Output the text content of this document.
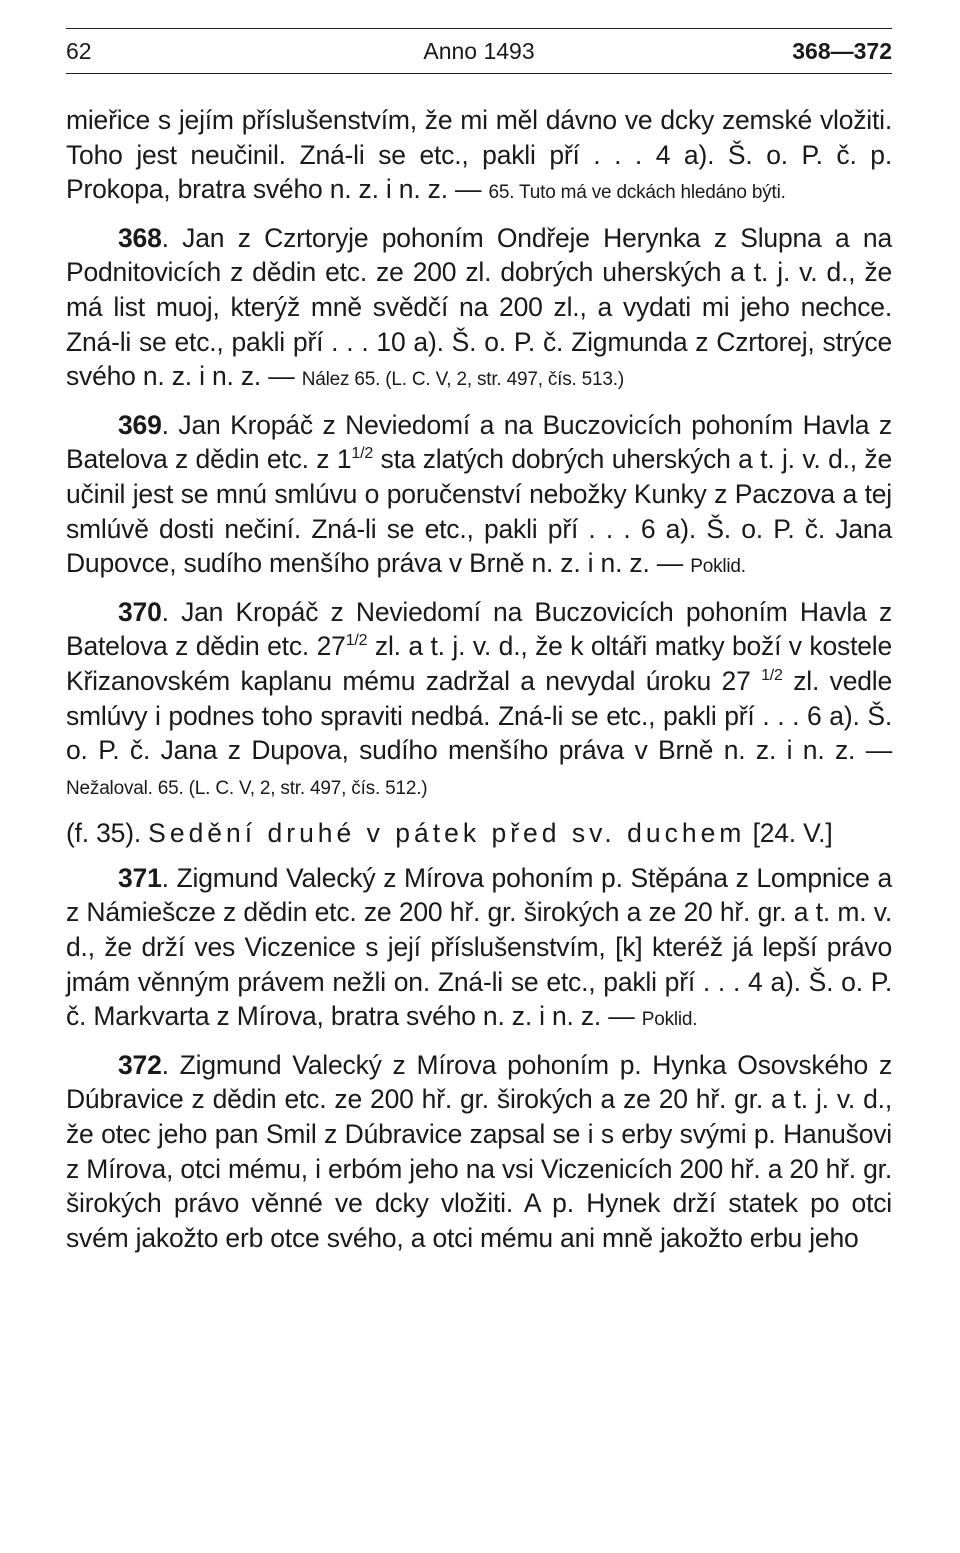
62	Anno 1493	368—372

mieřice s jejím příslušenstvím, že mi měl dávno ve dcky zemské vložiti. Toho jest neučinil. Zná-li se etc., pakli pří . . . 4 a). Š. o. P. č. p. Prokopa, bratra svého n. z. i n. z. — 65. Tuto má ve dckách hledáno býti.

368. Jan z Czrtoryje pohoním Ondřeje Herynka z Slupna a na Podnitovicích z dědin etc. ze 200 zl. dobrých uherských a t. j. v. d., že má list muoj, kterýž mně svědčí na 200 zl., a vydati mi jeho nechce. Zná-li se etc., pakli pří . . . 10 a). Š. o. P. č. Zigmunda z Czrtorej, strýce svého n. z. i n. z. — Nález 65. (L. C. V, 2, str. 497, čís. 513.)

369. Jan Kropáč z Neviedomí a na Buczovicích pohoním Havla z Batelova z dědin etc. z $1^{1/2}$ sta zlatých dobrých uherských a t. j. v. d., že učinil jest se mnú smlúvu o poručenství nebožky Kunky z Paczova a tej smlúvě dosti nečiní. Zná-li se etc., pakli pří . . . 6 a). Š. o. P. č. Jana Dupovce, sudího menšího práva v Brně n. z. i n. z. — Poklid.

370. Jan Kropáč z Neviedomí na Buczovicích pohoním Havla z Batelova z dědin etc. $27^{1/2}$ zl. a t. j. v. d., že k oltáři matky boží v kostele Křizanovském kaplanu mému zadržal a nevydal úroku 27 $^{1/2}$ zl. vedle smlúvy i podnes toho spraviti nedbá. Zná-li se etc., pakli pří . . . 6 a). Š. o. P. č. Jana z Dupova, sudího menšího práva v Brně n. z. i n. z. — Nežaloval. 65. (L. C. V, 2, str. 497, čís. 512.)

(f. 35). Sedění druhé v pátek před sv. duchem [24. V.]

371. Zigmund Valecký z Mírova pohoním p. Stěpána z Lompnice a z Námiešcze z dědin etc. ze 200 hř. gr. širokých a ze 20 hř. gr. a t. m. v. d., že drží ves Viczenice s její příslušenstvím, [k] kteréž já lepší právo jmám věnným právem nežli on. Zná-li se etc., pakli pří . . . 4 a). Š. o. P. č. Markvarta z Mírova, bratra svého n. z. i n. z. — Poklid.

372. Zigmund Valecký z Mírova pohoním p. Hynka Osovského z Dúbravice z dědin etc. ze 200 hř. gr. širokých a ze 20 hř. gr. a t. j. v. d., že otec jeho pan Smil z Dúbravice zapsal se i s erby svými p. Hanušovi z Mírova, otci mému, i erbóm jeho na vsi Viczenicích 200 hř. a 20 hř. gr. širokých právo věnné ve dcky vložiti. A p. Hynek drží statek po otci svém jakožto erb otce svého, a otci mému ani mně jakožto erbu jeho
